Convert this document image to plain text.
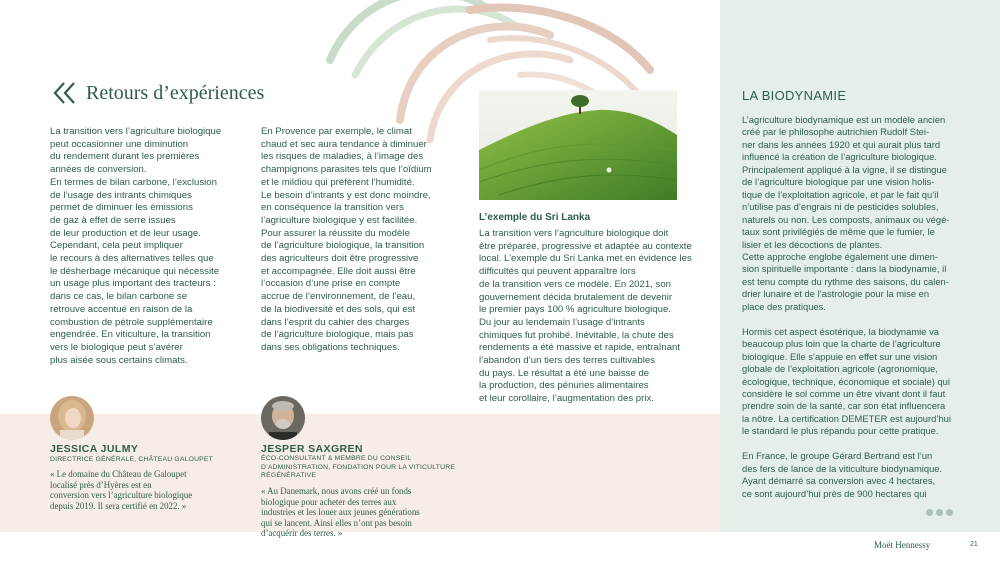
Retours d’expériences
La transition vers l’agriculture biologique
peut occasionner une diminution
du rendement durant les premières
années de conversion.
En termes de bilan carbone, l’exclusion
de l’usage des intrants chimiques
permet de diminuer les émissions
de gaz à effet de serre issues
de leur production et de leur usage.
Cependant, cela peut impliquer
le recours à des alternatives telles que
le désherbage mécanique qui nécessite
un usage plus important des tracteurs :
dans ce cas, le bilan carbone se
retrouve accentué en raison de la
combustion de pétrole supplémentaire
engendrée. En viticulture, la transition
vers le biologique peut s’avérer
plus aisée sous certains climats.
En Provence par exemple, le climat
chaud et sec aura tendance à diminuer
les risques de maladies, à l’image des
champignons parasites tels que l’oïdium
et le mildiou qui préfèrent l’humidité.
Le besoin d’intrants y est donc moindre,
en conséquence la transition vers
l’agriculture biologique y est facilitée.
Pour assurer la réussite du modèle
de l’agriculture biologique, la transition
des agriculteurs doit être progressive
et accompagnée. Elle doit aussi être
l’occasion d’une prise en compte
accrue de l’environnement, de l’eau,
de la biodiversité et des sols, qui est
dans l’esprit du cahier des charges
de l’agriculture biologique, mais pas
dans ses obligations techniques.
L’exemple du Sri Lanka
La transition vers l’agriculture biologique doit
être préparée, progressive et adaptée au contexte
local. L’exemple du Sri Lanka met en évidence les
difficultés qui peuvent apparaître lors
de la transition vers ce modèle. En 2021, son
gouvernement décida brutalement de devenir
le premier pays 100 % agriculture biologique.
Du jour au lendemain l’usage d’intrants
chimiques fut prohibé. Inévitable, la chute des
rendements a été massive et rapide, entraînant
l’abandon d’un tiers des terres cultivables
du pays. Le résultat a été une baisse de
la production, des pénuries alimentaires
et leur corollaire, l’augmentation des prix.
LA BIODYNAMIE
L’agriculture biodynamique est un modèle ancien
créé par le philosophe autrichien Rudolf Stei-
ner dans les années 1920 et qui aurait plus tard
influencé la création de l’agriculture biologique.
Principalement appliqué à la vigne, il se distingue
de l’agriculture biologique par une vision holis-
tique de l’exploitation agricole, et par le fait qu’il
n’utilise pas d’engrais ni de pesticides solubles,
naturels ou non. Les composts, animaux ou végé-
taux sont privilégiés de même que le fumier, le
lisier et les décoctions de plantes.
Cette approche englobe également une dimen-
sion spirituelle importante : dans la biodynamie, il
est tenu compte du rythme des saisons, du calen-
drier lunaire et de l’astrologie pour la mise en
place des pratiques.

Hormis cet aspect ésotérique, la biodynamie va
beaucoup plus loin que la charte de l’agriculture
biologique. Elle s’appuie en effet sur une vision
globale de l’exploitation agricole (agronomique,
écologique, technique, économique et sociale) qui
considère le sol comme un être vivant dont il faut
prendre soin de la santé, car son état influencera
la nôtre. La certification DEMETER est aujourd’hui
le standard le plus répandu pour cette pratique.

En France, le groupe Gérard Bertrand est l’un
des fers de lance de la viticulture biodynamique.
Ayant démarré sa conversion avec 4 hectares,
ce sont aujourd’hui près de 900 hectares qui
JESSICA JULMY
DIRECTRICE GÉNÉRALE, CHÂTEAU GALOUPET
« Le domaine du Château de Galoupet
localisé près d’Hyères est en
conversion vers l’agriculture biologique
depuis 2019. Il sera certifié en 2022. »
JESPER SAXGREN
ÉCO-CONSULTANT & MEMBRE DU CONSEIL
D’ADMINISTRATION, FONDATION POUR LA VITICULTURE
RÉGÉNÉRATIVE
« Au Danemark, nous avons créé un fonds
biologique pour acheter des terres aux
industries et les louer aux jeunes générations
qui se lancent. Ainsi elles n’ont pas besoin
d’acquérir des terres. »
Moët Hennessy	21
